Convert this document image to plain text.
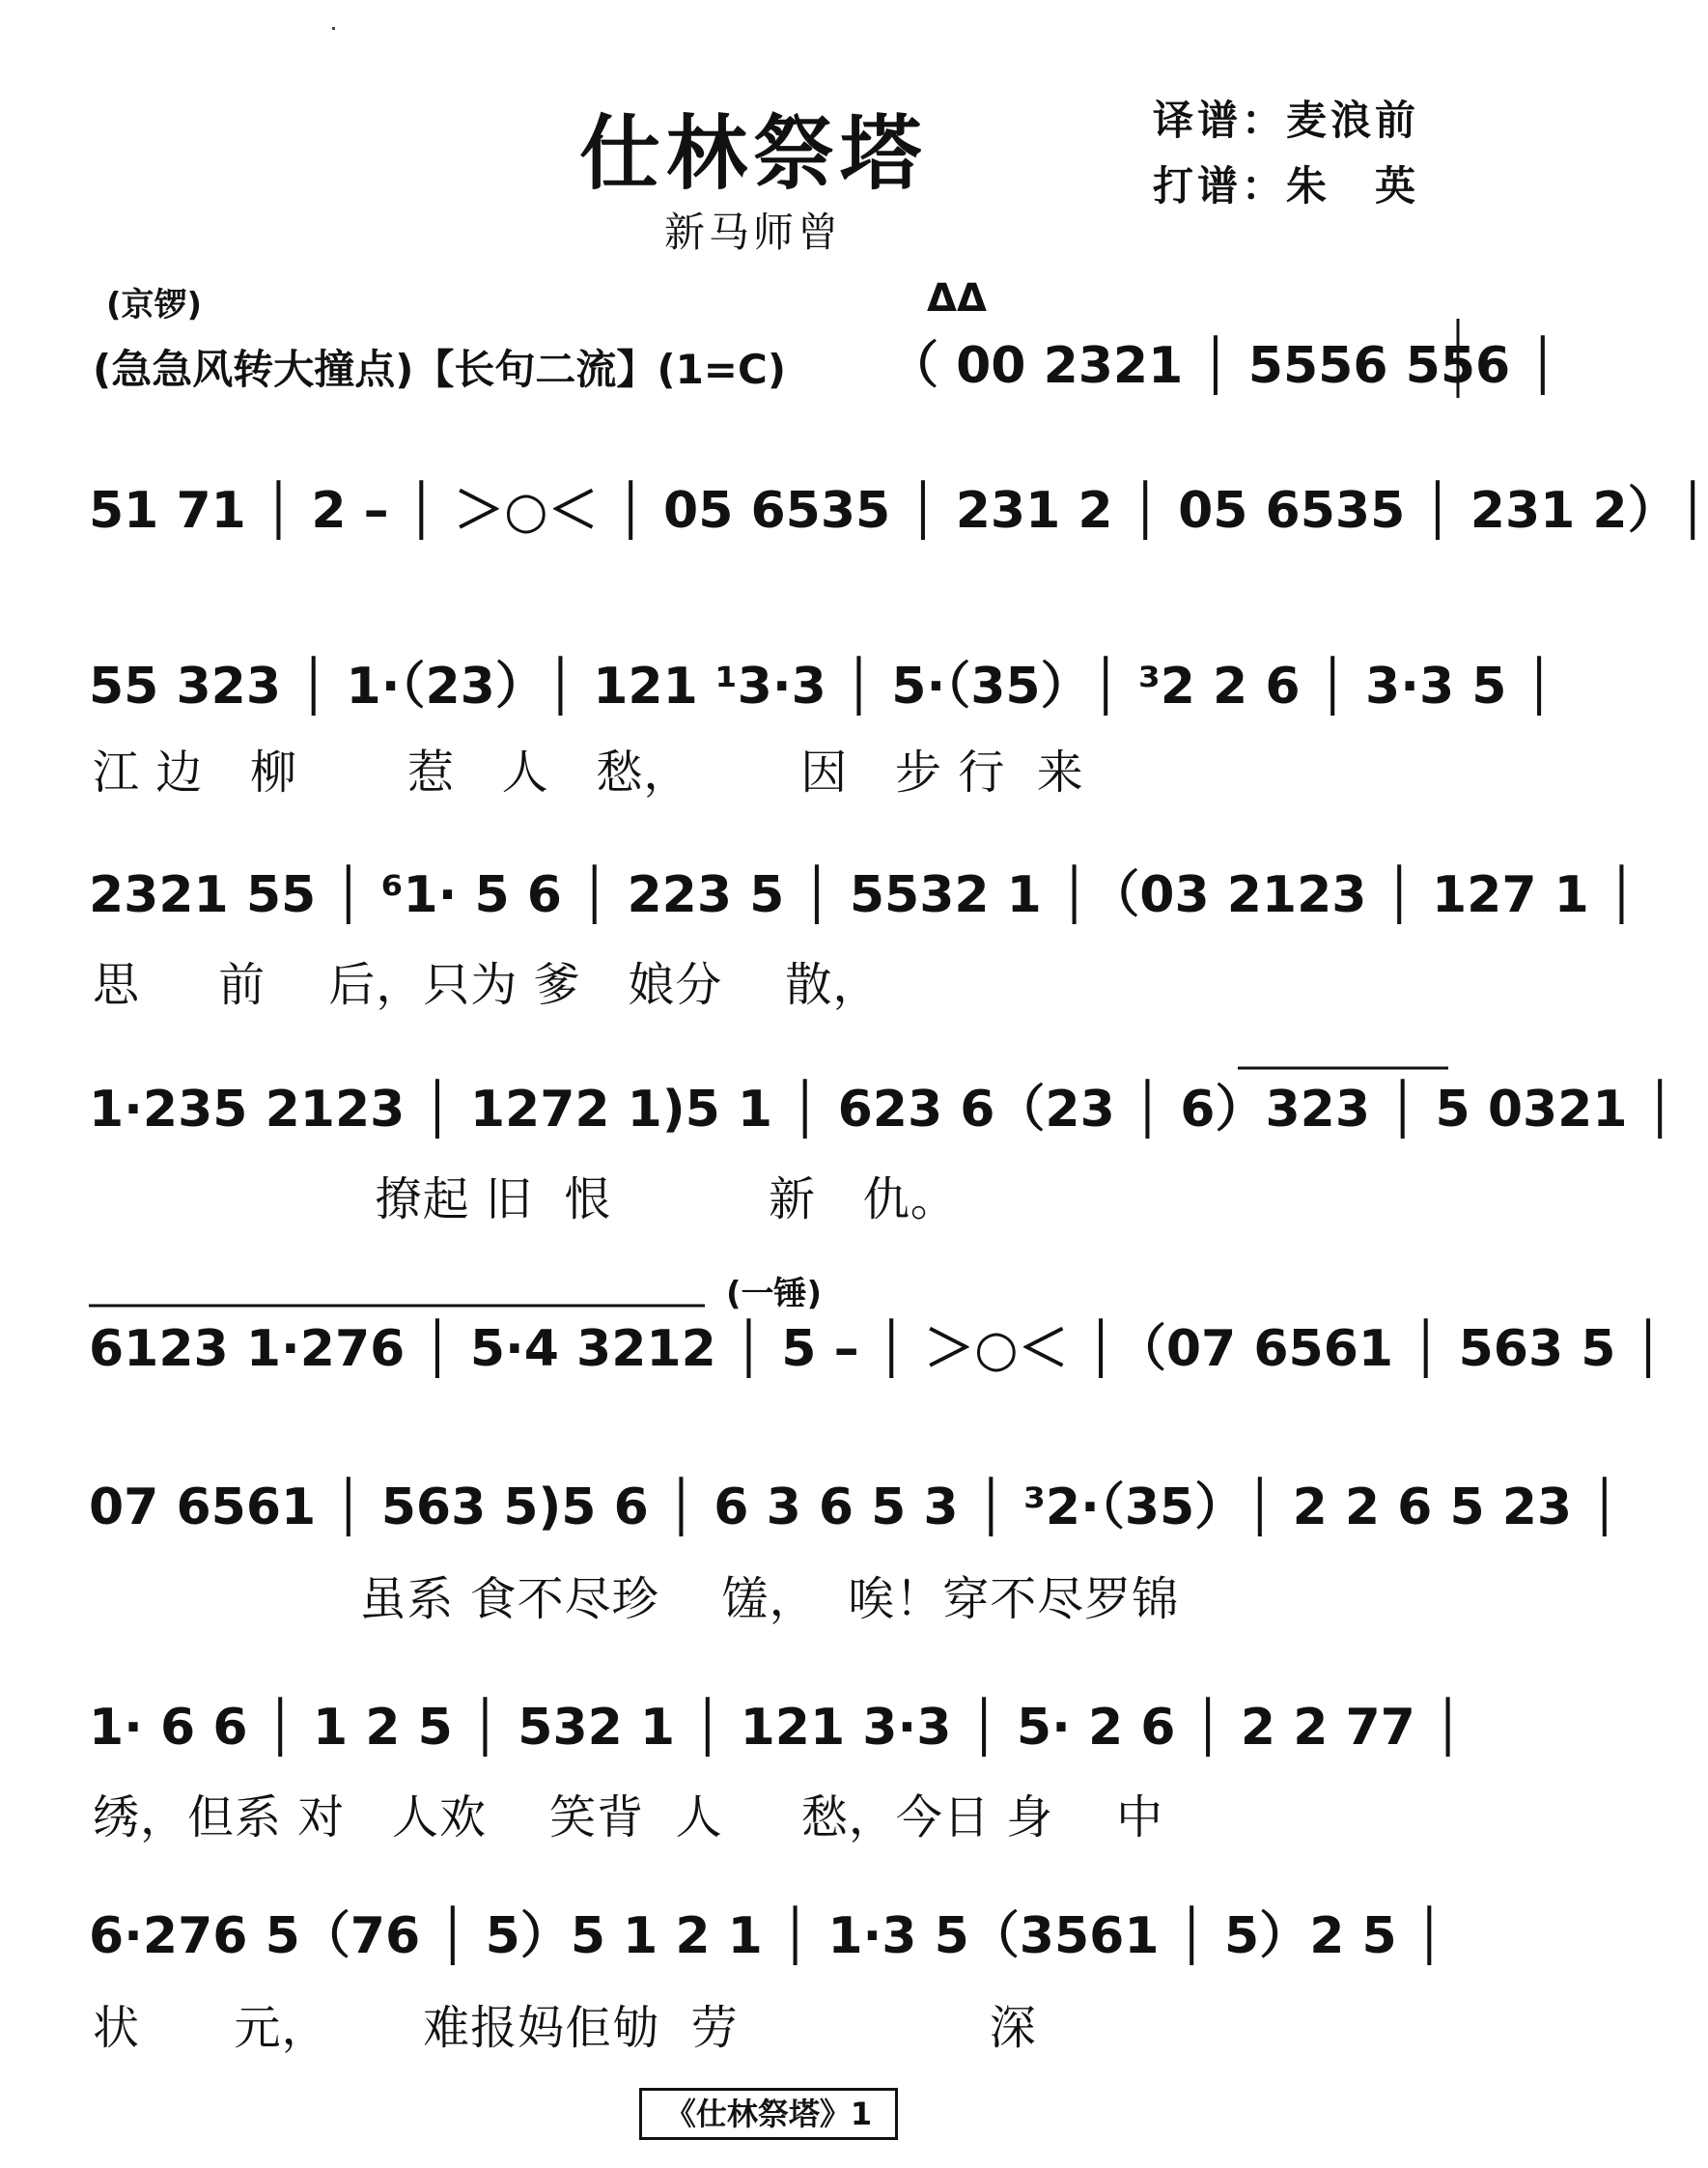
仕林祭塔
新马师曾
译谱：麦浪前
打谱：朱　英
(京锣)
(急急风转大撞点)【长句二流】(1=C)
ΔΔ
（ 00 2321 │ 5556 556 │
51 71 │ 2 – │ ＞○＜ │ 05 6535 │ 231 2 │ 05 6535 │ 231 2）│
55 323 │ 1·（23）│ 121 ¹3·3 │ 5·（35）│ ³2 2 6 │ 3·3 5 │
江 边   柳       惹   人   愁，       因   步 行  来
2321 55 │ ⁶1· 5 6 │ 223 5 │ 5532 1 │（03 2123 │ 127 1 │
思     前    后，只为 爹   娘分    散，
1·235 2123 │ 1272 1)5 1 │ 623 6（23 │ 6）323 │ 5 0321 │
撩起 旧  恨          新   仇。
(一锤)
6123 1·276 │ 5·4 3212 │ 5 – │ ＞○＜ │（07 6561 │ 563 5 │
07 6561 │ 563 5)5 6 │ 6 3 6 5 3 │ ³2·（35）│ 2 2 6 5 23 │
虽系 食不尽珍    馐，  唉！穿不尽罗锦
1· 6 6 │ 1 2 5 │ 532 1 │ 121 3·3 │ 5· 2 6 │ 2 2 77 │
绣，但系 对   人欢    笑背  人     愁，今日 身    中
6·276 5（76 │ 5）5 1 2 1 │ 1·3 5（3561 │ 5）2 5 │
状      元，      难报妈佢劬  劳                深
《仕林祭塔》1
